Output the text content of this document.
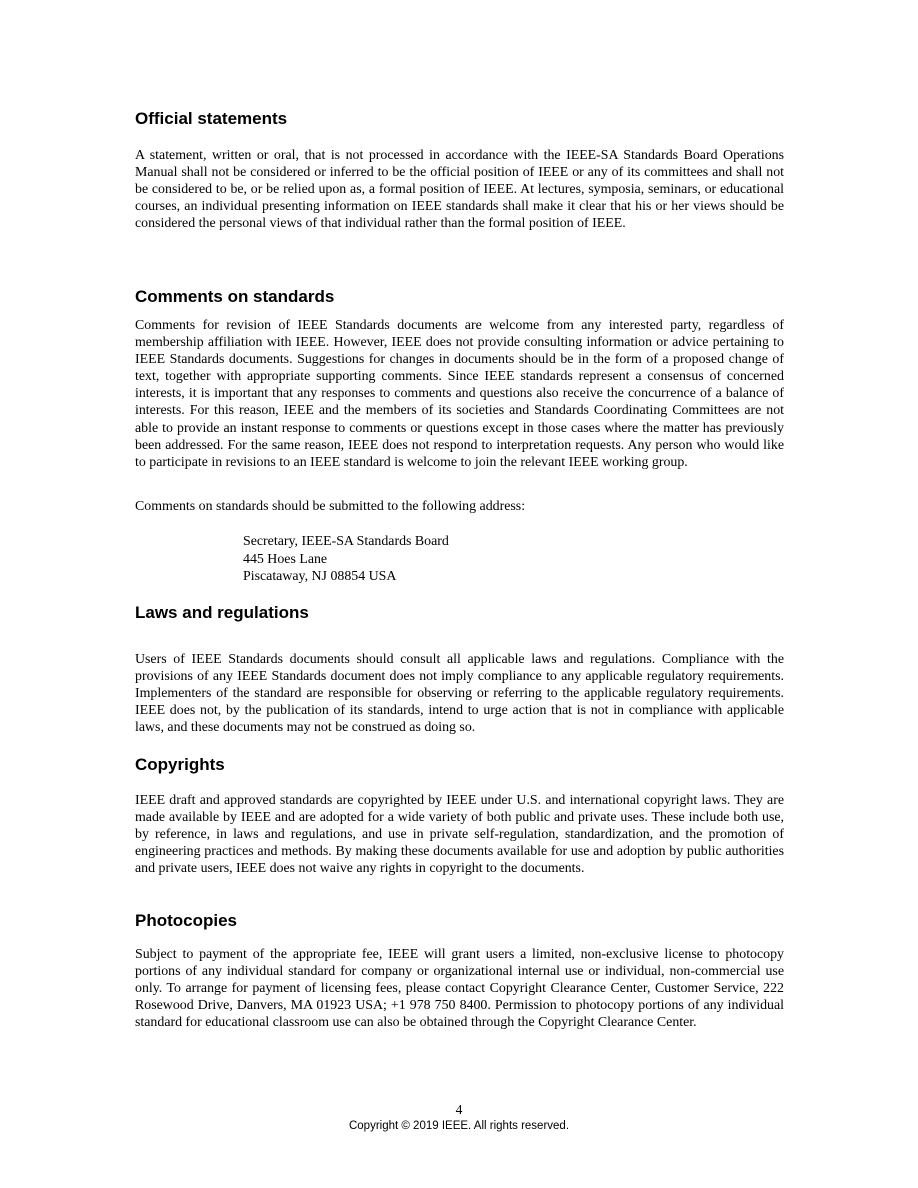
Official statements

A statement, written or oral, that is not processed in accordance with the IEEE-SA Standards Board Operations Manual shall not be considered or inferred to be the official position of IEEE or any of its committees and shall not be considered to be, or be relied upon as, a formal position of IEEE. At lectures, symposia, seminars, or educational courses, an individual presenting information on IEEE standards shall make it clear that his or her views should be considered the personal views of that individual rather than the formal position of IEEE.

Comments on standards

Comments for revision of IEEE Standards documents are welcome from any interested party, regardless of membership affiliation with IEEE. However, IEEE does not provide consulting information or advice pertaining to IEEE Standards documents. Suggestions for changes in documents should be in the form of a proposed change of text, together with appropriate supporting comments. Since IEEE standards represent a consensus of concerned interests, it is important that any responses to comments and questions also receive the concurrence of a balance of interests. For this reason, IEEE and the members of its societies and Standards Coordinating Committees are not able to provide an instant response to comments or questions except in those cases where the matter has previously been addressed. For the same reason, IEEE does not respond to interpretation requests. Any person who would like to participate in revisions to an IEEE standard is welcome to join the relevant IEEE working group.

Comments on standards should be submitted to the following address:

Secretary, IEEE-SA Standards Board
445 Hoes Lane
Piscataway, NJ 08854 USA
Laws and regulations

Users of IEEE Standards documents should consult all applicable laws and regulations. Compliance with the provisions of any IEEE Standards document does not imply compliance to any applicable regulatory requirements. Implementers of the standard are responsible for observing or referring to the applicable regulatory requirements. IEEE does not, by the publication of its standards, intend to urge action that is not in compliance with applicable laws, and these documents may not be construed as doing so.

Copyrights

IEEE draft and approved standards are copyrighted by IEEE under U.S. and international copyright laws. They are made available by IEEE and are adopted for a wide variety of both public and private uses. These include both use, by reference, in laws and regulations, and use in private self-regulation, standardization, and the promotion of engineering practices and methods. By making these documents available for use and adoption by public authorities and private users, IEEE does not waive any rights in copyright to the documents.

Photocopies

Subject to payment of the appropriate fee, IEEE will grant users a limited, non-exclusive license to photocopy portions of any individual standard for company or organizational internal use or individual, non-commercial use only. To arrange for payment of licensing fees, please contact Copyright Clearance Center, Customer Service, 222 Rosewood Drive, Danvers, MA 01923 USA; +1 978 750 8400. Permission to photocopy portions of any individual standard for educational classroom use can also be obtained through the Copyright Clearance Center.

4
Copyright © 2019 IEEE. All rights reserved.
